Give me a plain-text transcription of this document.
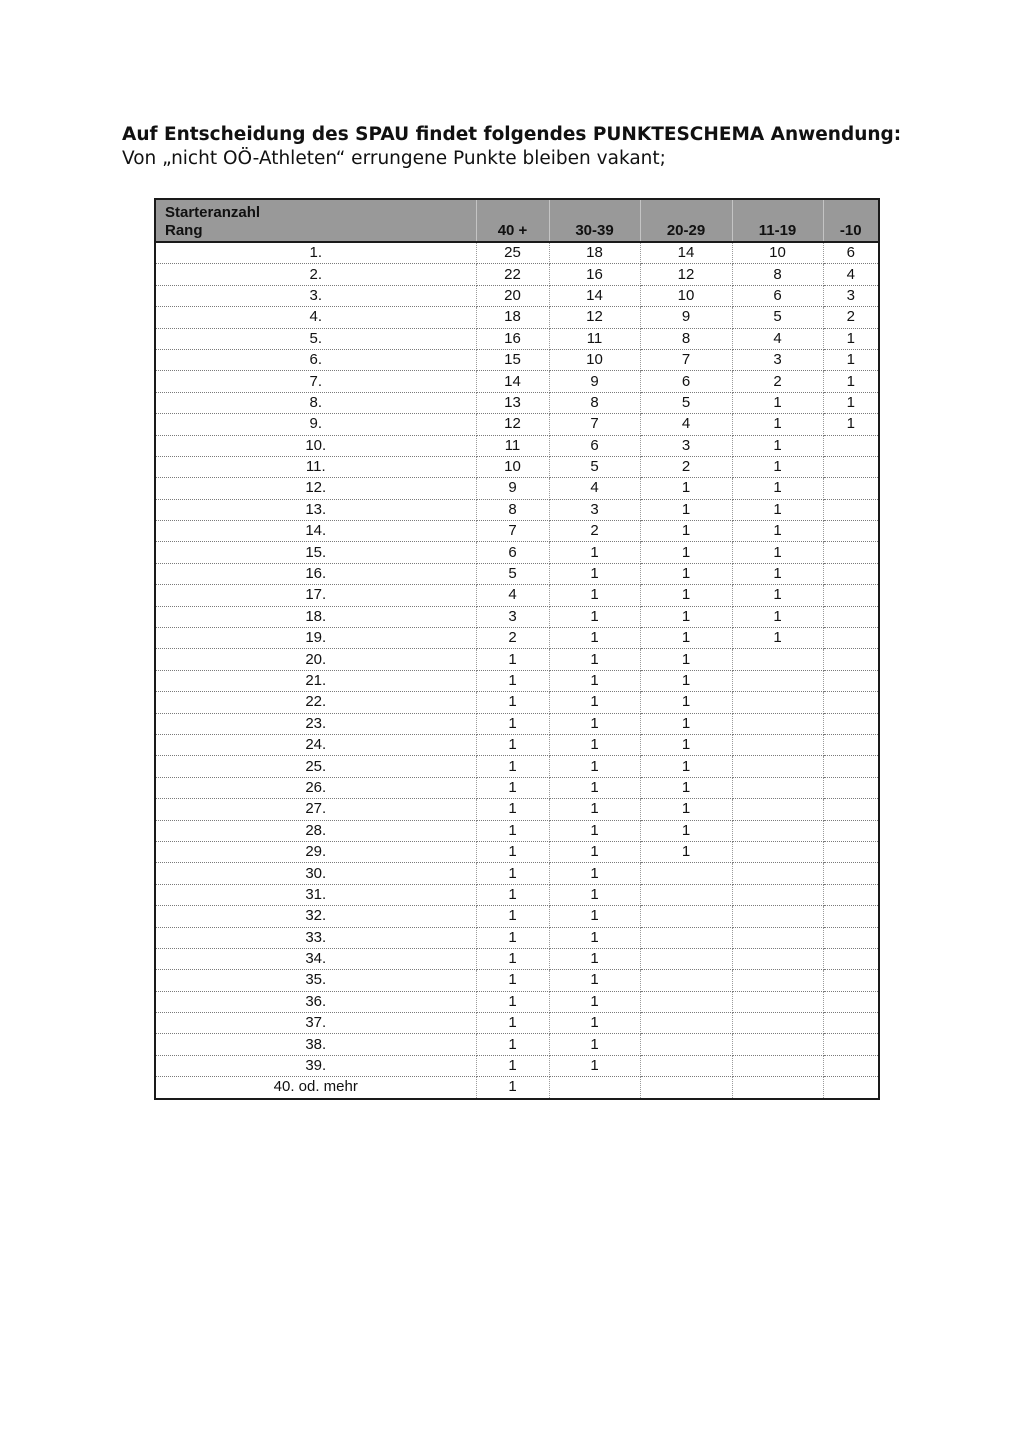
Auf Entscheidung des SPAU findet folgendes PUNKTESCHEMA Anwendung:

Von „nicht OÖ-Athleten“ errungene Punkte bleiben vakant;

Starteranzahl
Rang	40 +	30-39	20-29	11-19	-10
1.	25	18	14	10	6
2.	22	16	12	8	4
3.	20	14	10	6	3
4.	18	12	9	5	2
5.	16	11	8	4	1
6.	15	10	7	3	1
7.	14	9	6	2	1
8.	13	8	5	1	1
9.	12	7	4	1	1
10.	11	6	3	1	
11.	10	5	2	1	
12.	9	4	1	1	
13.	8	3	1	1	
14.	7	2	1	1	
15.	6	1	1	1	
16.	5	1	1	1	
17.	4	1	1	1	
18.	3	1	1	1	
19.	2	1	1	1	
20.	1	1	1		
21.	1	1	1		
22.	1	1	1		
23.	1	1	1		
24.	1	1	1		
25.	1	1	1		
26.	1	1	1		
27.	1	1	1		
28.	1	1	1		
29.	1	1	1		
30.	1	1			
31.	1	1			
32.	1	1			
33.	1	1			
34.	1	1			
35.	1	1			
36.	1	1			
37.	1	1			
38.	1	1			
39.	1	1			
40. od. mehr	1				
